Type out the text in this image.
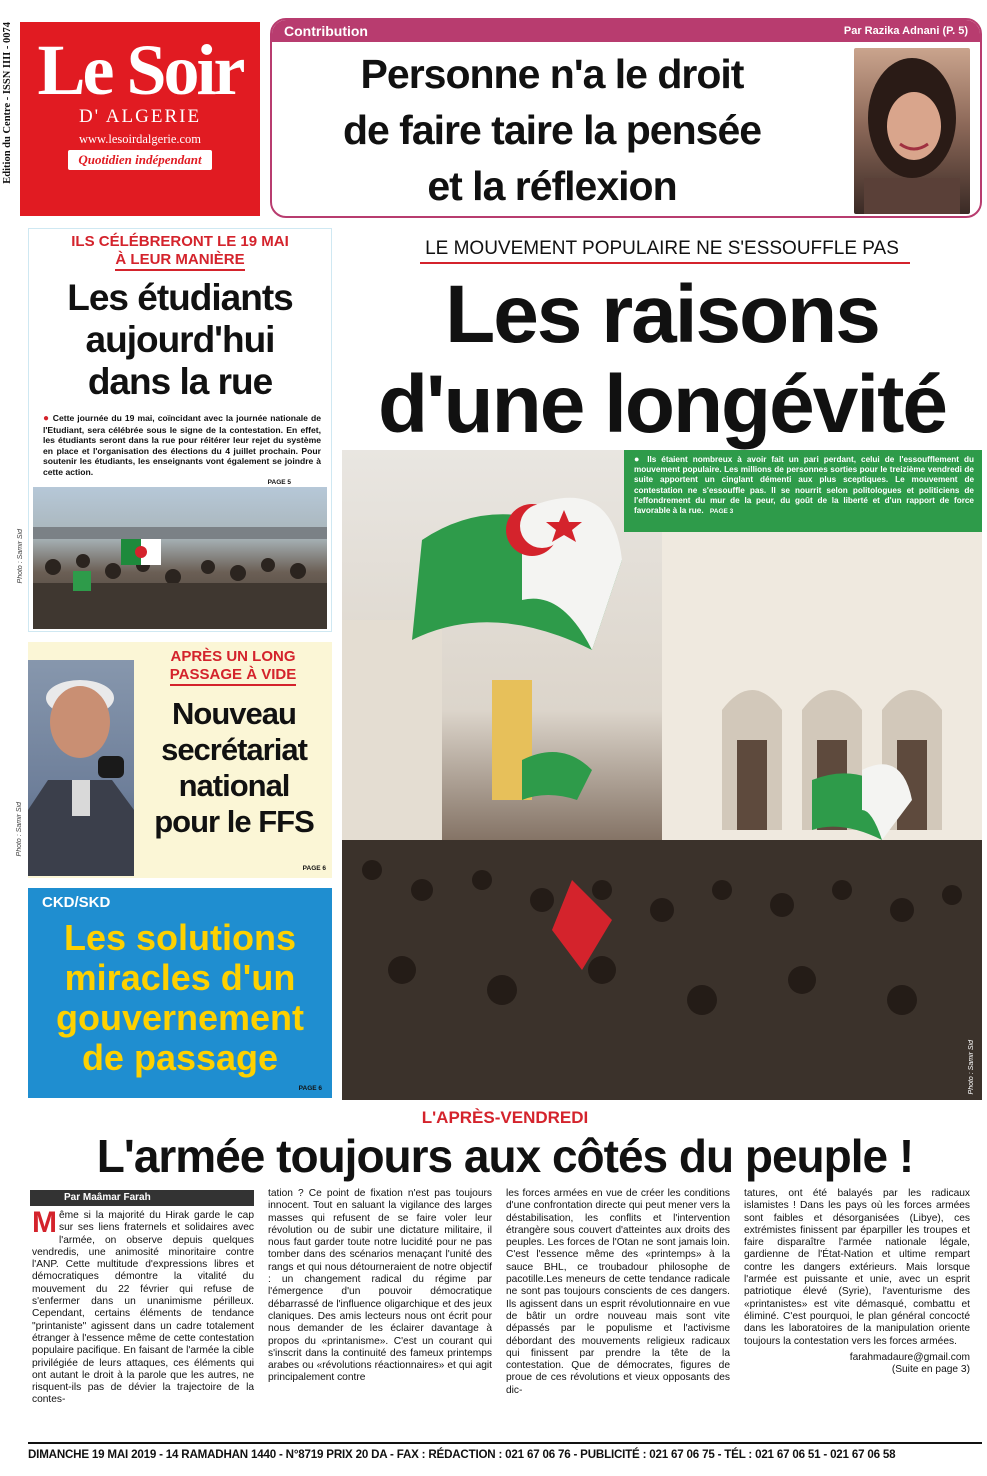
Edition du Centre - ISSN IIII - 0074 Le Soir
D' ALGERIE
www.lesoirdalgerie.com
Quotidien indépendant
Contribution	Par Razika Adnani (P. 5)
Personne n'a le droit
de faire taire la pensée
et la réflexion
ILS CÉLÉBRERONT LE 19 MAI
À LEUR MANIÈRE
Les étudiants
aujourd'hui
dans la rue
● Cette journée du 19 mai, coïncidant avec la journée nationale de l'Etudiant, sera célébrée sous le signe de la contestation. En effet, les étudiants seront dans la rue pour réitérer leur rejet du système en place et l'organisation des élections du 4 juillet prochain. Pour soutenir les étudiants, les enseignants vont également se joindre à cette action.
PAGE 5
Photo : Samir Sid
Photo : Samir Sid
APRÈS UN LONG
PASSAGE À VIDE
Nouveau
secrétariat
national
pour le FFS
PAGE 6
CKD/SKD
Les solutions
miracles d'un
gouvernement
de passage
PAGE 6
LE MOUVEMENT POPULAIRE NE S'ESSOUFFLE PAS
Les raisons
d'une longévité
● Ils étaient nombreux à avoir fait un pari perdant, celui de l'essoufflement du mouvement populaire. Les millions de personnes sorties pour le treizième vendredi de suite apportent un cinglant démenti aux plus sceptiques. Le mouvement de contestation ne s'essouffle pas. Il se nourrit selon politologues et politiciens de l'effondrement du mur de la peur, du goût de la liberté et d'un rapport de force favorable à la rue. PAGE 3
Photo : Samir Sid
L'APRÈS-VENDREDI
L'armée toujours aux côtés du peuple !
Par Maâmar Farah

Même si la majorité du Hirak garde le cap sur ses liens fraternels et solidaires avec l'armée, on observe depuis quelques vendredis, une animosité minoritaire contre l'ANP. Cette multitude d'expressions libres et démocratiques démontre la vitalité du mouvement du 22 février qui refuse de s'enfermer dans un unanimisme périlleux. Cependant, certains éléments de tendance "printaniste" agissent dans un cadre totalement étranger à l'essence même de cette contestation populaire pacifique. En faisant de l'armée la cible privilégiée de leurs attaques, ces éléments qui ont autant le droit à la parole que les autres, ne risquent-ils pas de dévier la trajectoire de la contes-

tation ? Ce point de fixation n'est pas toujours innocent. Tout en saluant la vigilance des larges masses qui refusent de se faire voler leur révolution ou de subir une dictature militaire, il nous faut garder toute notre lucidité pour ne pas tomber dans des scénarios menaçant l'unité des rangs et qui nous détourneraient de notre objectif : un changement radical du régime par l'émergence d'un pouvoir démocratique débarrassé de l'influence oligarchique et des jeux claniques. Des amis lecteurs nous ont écrit pour nous demander de les éclairer davantage à propos du «printanisme». C'est un courant qui s'inscrit dans la continuité des fameux printemps arabes ou «révolutions réactionnaires» et qui agit principalement contre

les forces armées en vue de créer les conditions d'une confrontation directe qui peut mener vers la déstabilisation, les conflits et l'intervention étrangère sous couvert d'atteintes aux droits des peuples. Les forces de l'Otan ne sont jamais loin. C'est l'essence même des «printemps» à la sauce BHL, ce troubadour philosophe de pacotille.Les meneurs de cette tendance radicale ne sont pas toujours conscients de ces dangers. Ils agissent dans un esprit révolutionnaire en vue de bâtir un ordre nouveau mais sont vite dépassés par le populisme et l'activisme débordant des mouvements religieux radicaux qui finissent par prendre la tête de la contestation. Que de démocrates, figures de proue de ces révolutions et vieux opposants des dic-

tatures, ont été balayés par les radicaux islamistes ! Dans les pays où les forces armées sont faibles et désorganisées (Libye), ces extrémistes finissent par éparpiller les troupes et faire disparaître l'armée nationale légale, gardienne de l'État-Nation et ultime rempart contre les dangers extérieurs. Mais lorsque l'armée est puissante et unie, avec un esprit patriotique élevé (Syrie), l'aventurisme des «printanistes» est vite démasqué, combattu et éliminé. C'est pourquoi, le plan général concocté dans les laboratoires de la manipulation oriente toujours la contestation vers les forces armées.

farahmadaure@gmail.com

(Suite en page 3)

DIMANCHE 19 MAI 2019 - 14 RAMADHAN 1440 - N°8719 PRIX 20 DA - FAX : RÉDACTION : 021 67 06 76 - PUBLICITÉ : 021 67 06 75 - TÉL : 021 67 06 51 - 021 67 06 58
